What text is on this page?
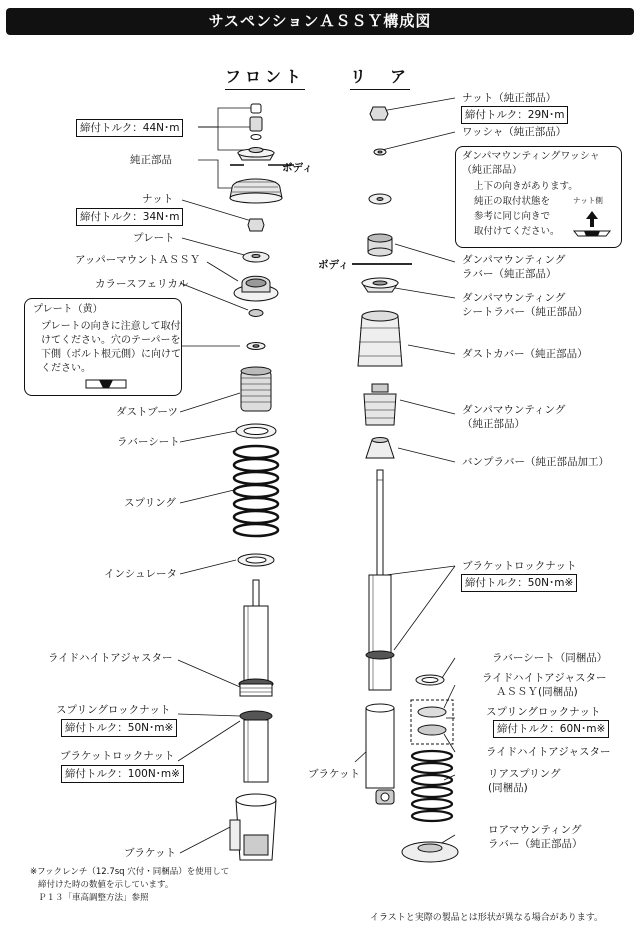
サスペンションＡＳＳＹ構成図
フロント	リ　ア
締付トルク：44N･m
純正部品
ボディ
ナット
締付トルク：34N･m
プレート
アッパーマウントＡＳＳＹ
カラースフェリカル
プレート（黄）
プレートの向きに注意して取付
けてください。穴のテーパーを
下側（ボルト根元側）に向けて
ください。
ダストブーツ
ラバーシート
スプリング
インシュレータ
ライドハイトアジャスター
スプリングロックナット
締付トルク：50N･m※
ブラケットロックナット
締付トルク：100N･m※
ブラケット
ナット（純正部品）
締付トルク：29N･m
ワッシャ（純正部品）
ダンパマウンティングワッシャ
（純正部品）
上下の向きがあります。
純正の取付状態を
参考に同じ向きで
取付けてください。
ナット側
ボディ	ダンパマウンティング
ラバー（純正部品）
ダンパマウンティング
シートラバー（純正部品）
ダストカバー（純正部品）
ダンパマウンティング
（純正部品）
バンプラバー（純正部品加工）
ブラケットロックナット
締付トルク：50N･m※
ラバーシート（同梱品）
ライドハイトアジャスター
ＡＳＳＹ(同梱品)
スプリングロックナット
締付トルク：60N･m※
ライドハイトアジャスター
ブラケット	リアスプリング
(同梱品)
ロアマウンティング
ラバー（純正部品）
※フックレンチ（12.7sq 穴付・同梱品）を使用して
締付けた時の数値を示しています。
Ｐ１３「車高調整方法」参照
イラストと実際の製品とは形状が異なる場合があります。
